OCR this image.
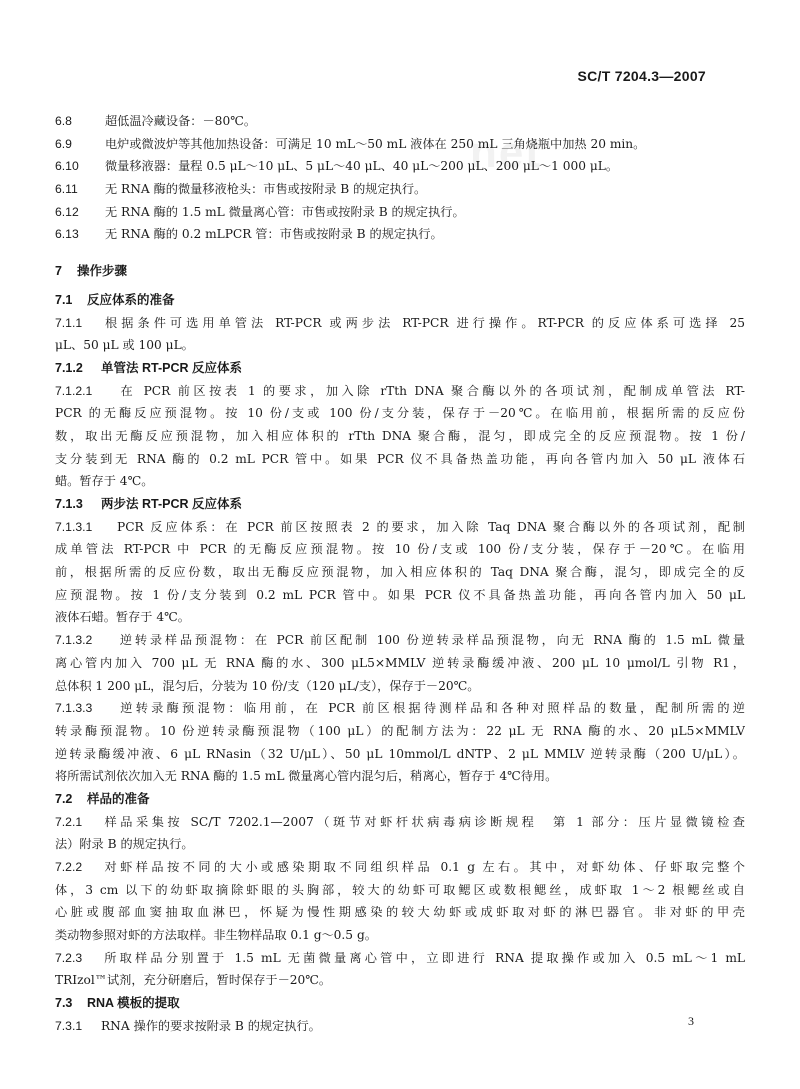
net
SC/T 7204.3—2007
6.8	超低温冷藏设备：－80℃。
6.9	电炉或微波炉等其他加热设备：可满足 10 mL～50 mL 液体在 250 mL 三角烧瓶中加热 20 min。
6.10 微量移液器：量程 0.5 μL～10 μL、5 μL～40 μL、40 μL～200 μL、200 μL～1 000 μL。
6.11 无 RNA 酶的微量移液枪头：市售或按附录 B 的规定执行。
6.12 无 RNA 酶的 1.5 mL 微量离心管：市售或按附录 B 的规定执行。
6.13 无 RNA 酶的 0.2 mLPCR 管：市售或按附录 B 的规定执行。
7 操作步骤
7.1 反应体系的准备
7.1.1 根据条件可选用单管法 RT-PCR 或两步法 RT-PCR 进行操作。RT-PCR 的反应体系可选择 25
μL、50 μL 或 100 μL。
7.1.2 单管法 RT-PCR 反应体系
7.1.2.1 在 PCR 前区按表 1 的要求，加入除 rTth DNA 聚合酶以外的各项试剂，配制成单管法 RT-
PCR 的无酶反应预混物。按 10 份/支或 100 份/支分装，保存于－20℃。在临用前，根据所需的反应份
数，取出无酶反应预混物，加入相应体积的 rTth DNA 聚合酶，混匀，即成完全的反应预混物。按 1 份/
支分装到无 RNA 酶的 0.2 mL PCR 管中。如果 PCR 仪不具备热盖功能，再向各管内加入 50 μL 液体石
蜡。暂存于 4℃。
7.1.3 两步法 RT-PCR 反应体系
7.1.3.1 PCR 反应体系：在 PCR 前区按照表 2 的要求，加入除 Taq DNA 聚合酶以外的各项试剂，配制
成单管法 RT-PCR 中 PCR 的无酶反应预混物。按 10 份/支或 100 份/支分装，保存于－20℃。在临用
前，根据所需的反应份数，取出无酶反应预混物，加入相应体积的 Taq DNA 聚合酶，混匀，即成完全的反
应预混物。按 1 份/支分装到 0.2 mL PCR 管中。如果 PCR 仪不具备热盖功能，再向各管内加入 50 μL
液体石蜡。暂存于 4℃。
7.1.3.2 逆转录样品预混物：在 PCR 前区配制 100 份逆转录样品预混物，向无 RNA 酶的 1.5 mL 微量
离心管内加入 700 μL 无 RNA 酶的水、300 μL5×MMLV 逆转录酶缓冲液、200 μL 10 μmol/L 引物 R1，
总体积 1 200 μL，混匀后，分装为 10 份/支（120 μL/支），保存于－20℃。
7.1.3.3 逆转录酶预混物：临用前，在 PCR 前区根据待测样品和各种对照样品的数量，配制所需的逆
转录酶预混物。10 份逆转录酶预混物（100 μL）的配制方法为：22 μL 无 RNA 酶的水、20 μL5×MMLV
逆转录酶缓冲液、6 μL RNasin（32 U/μL）、50 μL 10mmol/L dNTP、2 μL MMLV 逆转录酶（200 U/μL）。
将所需试剂依次加入无 RNA 酶的 1.5 mL 微量离心管内混匀后，稍离心，暂存于 4℃待用。
7.2 样品的准备
7.2.1 样品采集按 SC/T 7202.1—2007（斑节对虾杆状病毒病诊断规程　第 1 部分：压片显微镜检查
法）附录 B 的规定执行。
7.2.2 对虾样品按不同的大小或感染期取不同组织样品 0.1 g 左右。其中，对虾幼体、仔虾取完整个
体，3 cm 以下的幼虾取摘除虾眼的头胸部，较大的幼虾可取鳃区或数根鳃丝，成虾取 1～2 根鳃丝或自
心脏或腹部血窦抽取血淋巴，怀疑为慢性期感染的较大幼虾或成虾取对虾的淋巴器官。非对虾的甲壳
类动物参照对虾的方法取样。非生物样品取 0.1 g～0.5 g。
7.2.3 所取样品分别置于 1.5 mL 无菌微量离心管中，立即进行 RNA 提取操作或加入 0.5 mL～1 mL
TRIzol™试剂，充分研磨后，暂时保存于－20℃。
7.3 RNA 模板的提取
7.3.1 RNA 操作的要求按附录 B 的规定执行。	3
